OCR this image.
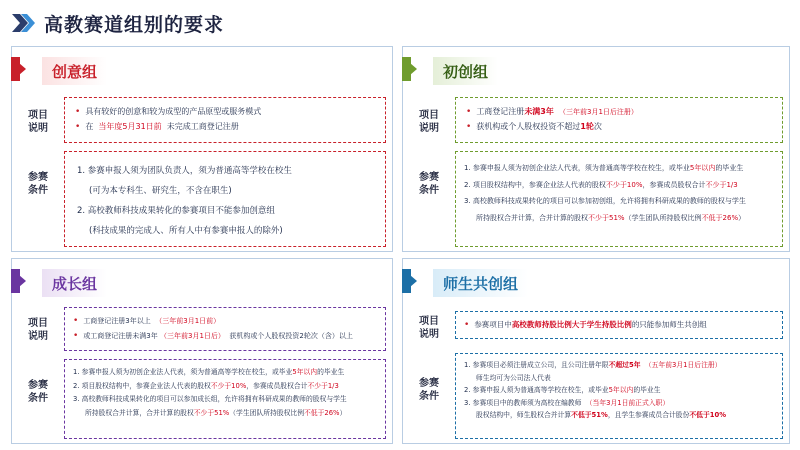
高教赛道组别的要求
创意组
项目
说明
• 具有较好的创意和较为成型的产品原型或服务模式
• 在
当年度5月31日前
未完成工商登记注册
参赛
条件
1. 参赛申报人须为团队负责人，须为普通高等学校在校生
(可为本专科生、研究生，不含在职生)
2. 高校教师科技成果转化的参赛项目不能参加创意组
(科技成果的完成人、所有人中有参赛申报人的除外)
初创组
项目
说明
• 工商登记注册 未满3年
（三年前3月1日后注册）
• 获机构或个人股权投资不超过 1轮 次
参赛
条件
1. 参赛申报人须为初创企业法人代表，须为普通高等学校在校生，或毕业 5年以内 的毕业生
2. 项目股权结构中，参赛企业法人代表的股权 不少于10% ，参赛成员股权合计 不少于1/3
3. 高校教师科技成果转化的项目可以参加初创组，允许将拥有科研成果的教师的股权与学生
所持股权合并计算，合并计算的股权 不少于51% （学生团队所持股权比例 不低于26% ）
成长组
项目
说明
• 工商登记注册3年以上
（三年前3月1日前）
• 或工商登记注册未满3年
（三年前3月1日后）
获机构或个人股权投资2轮次（含）以上
参赛
条件
1. 参赛申报人须为初创企业法人代表，须为普通高等学校在校生，或毕业 5年以内 的毕业生
2. 项目股权结构中，参赛企业法人代表的股权 不少于10% ，参赛成员股权合计 不少于1/3
3. 高校教师科技成果转化的项目可以参加成长组，允许将拥有科研成果的教师的股权与学生
所持股权合并计算，合并计算的股权 不少于51% （学生团队所持股权比例 不低于26% ）
师生共创组
项目
说明
• 参赛项目中 高校教师持股比例大于学生持股比例 的只能参加师生共创组
参赛
条件
1. 参赛项目必须注册成立公司，且公司注册年限 不超过5年
（五年前3月1日后注册）
师生均可为公司法人代表
2. 参赛申报人须为普通高等学校在校生，或毕业 5年以内 的毕业生
3. 参赛项目中的教师须为高校在编教师
（当年3月1日前正式入职）
股权结构中，师生股权合并计算 不低于51% ，且学生参赛成员合计股份 不低于10%
